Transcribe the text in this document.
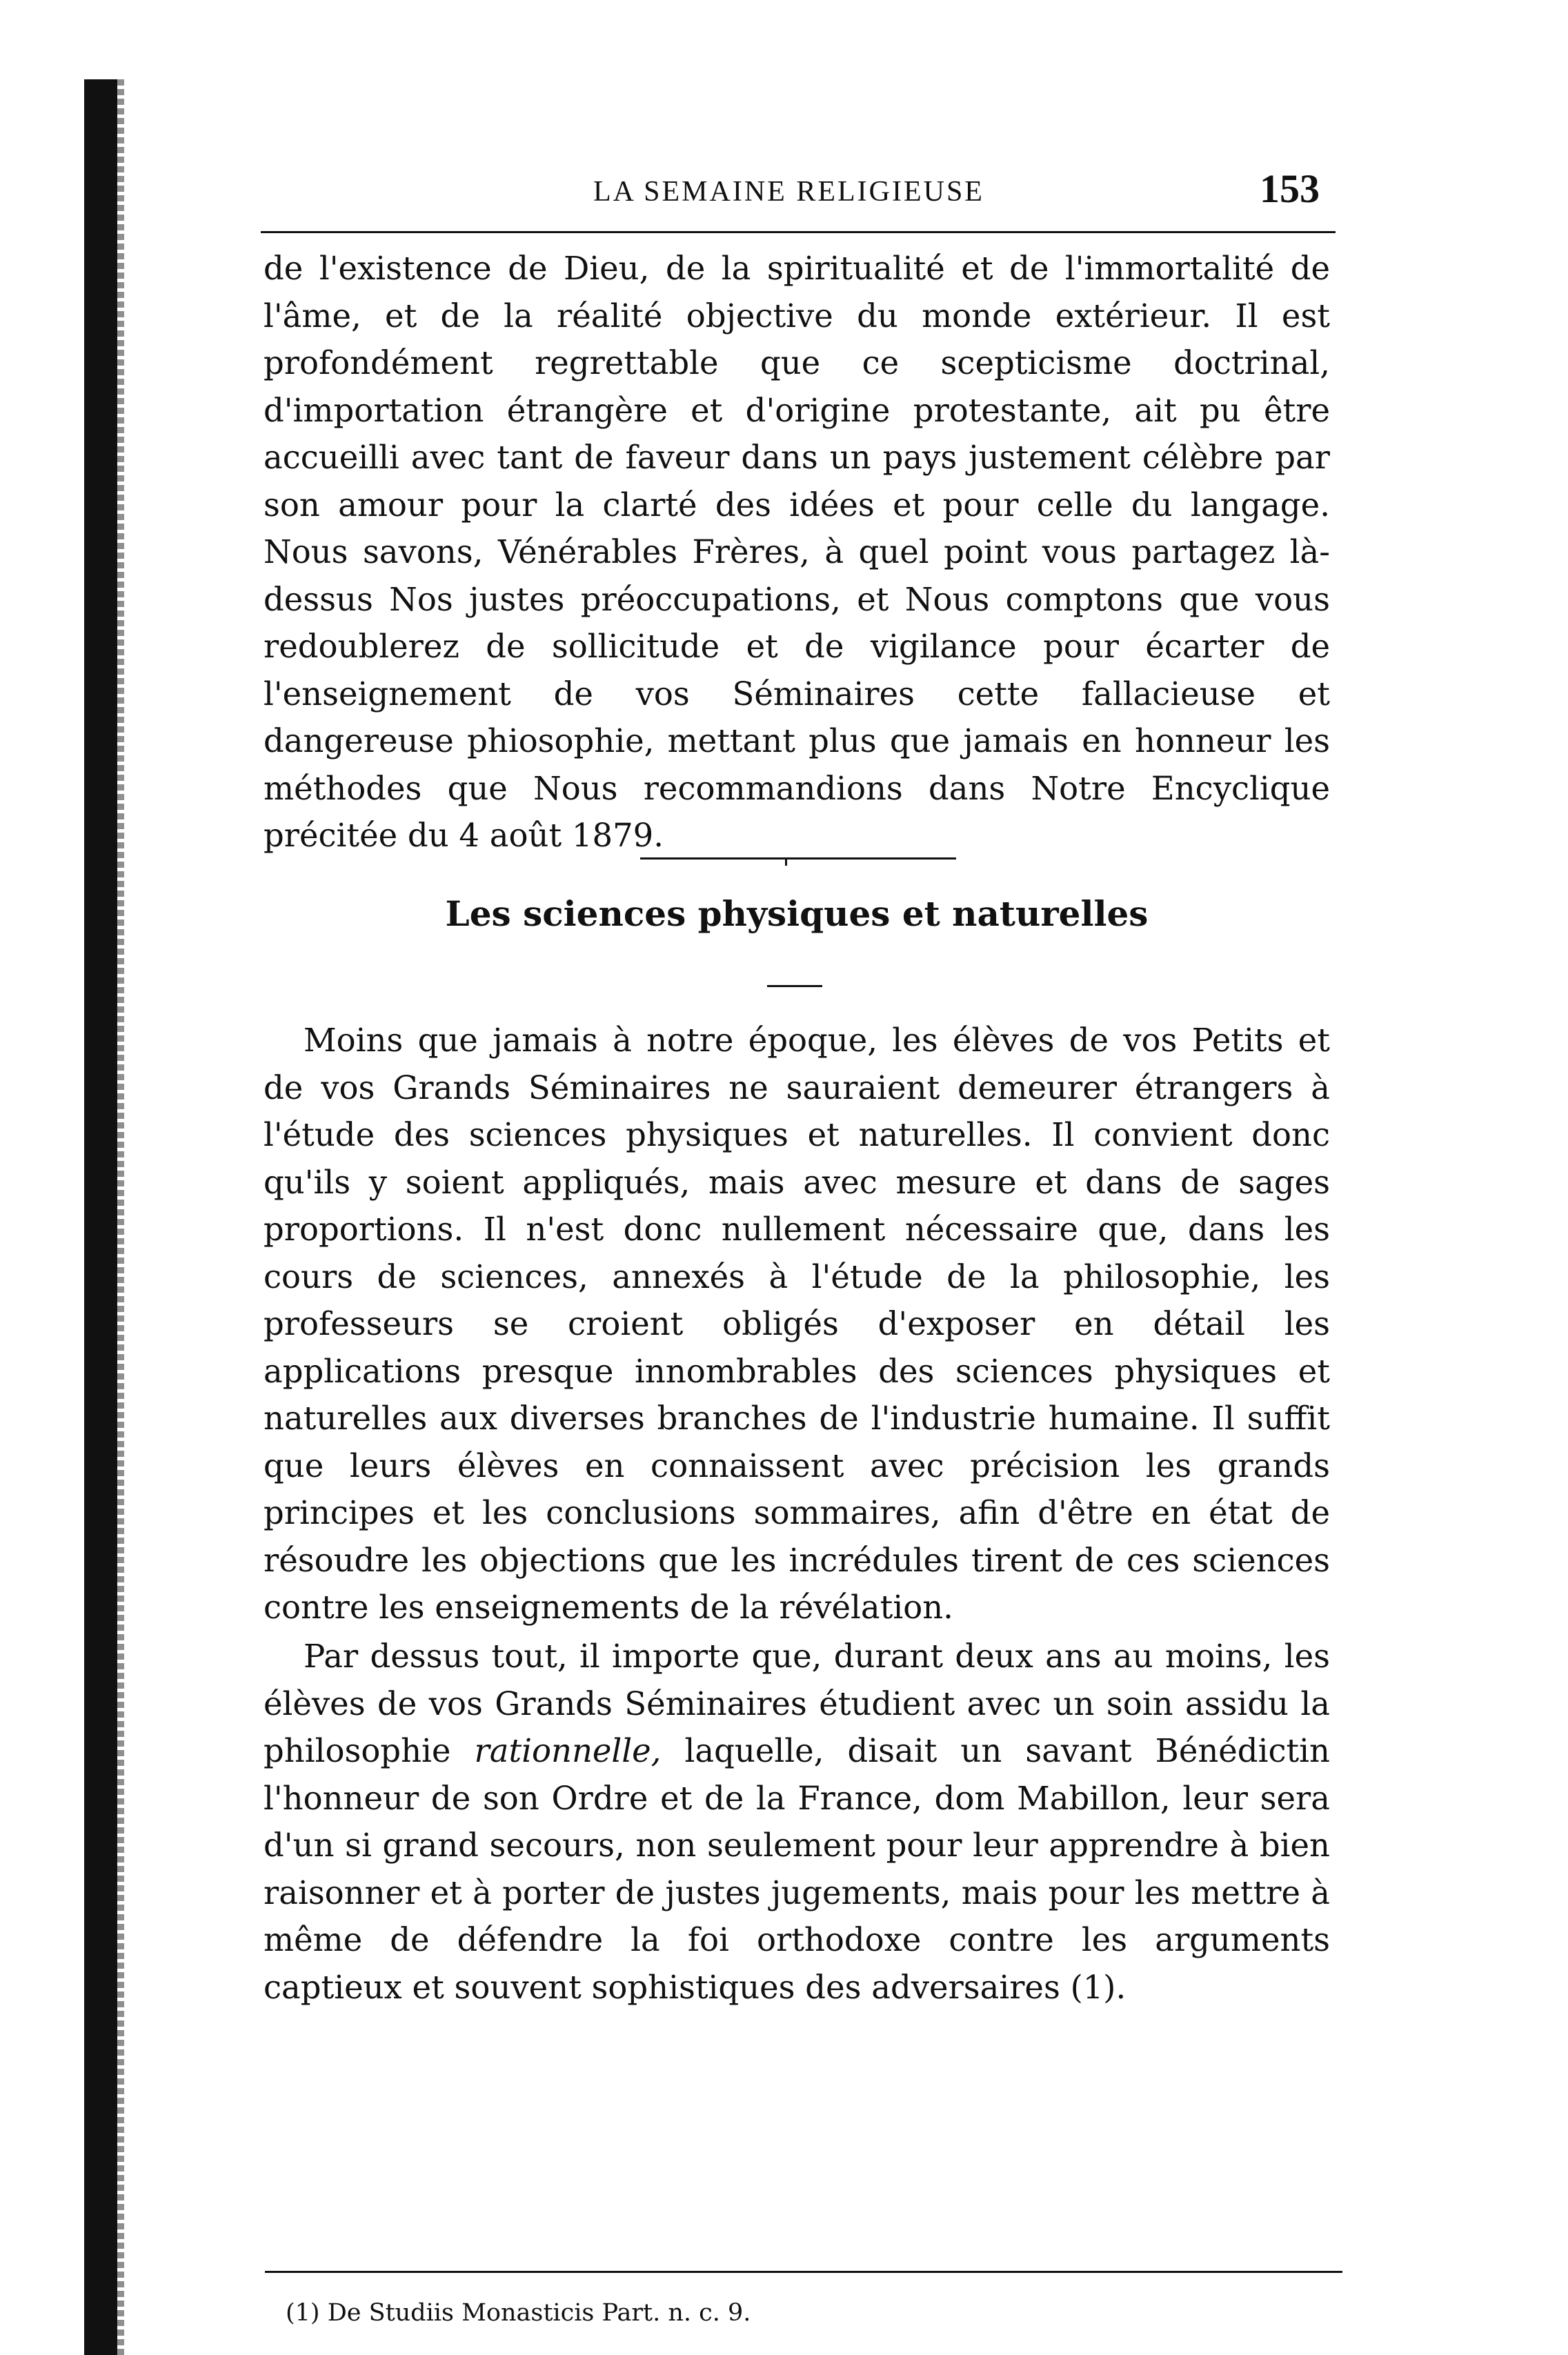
LA SEMAINE RELIGIEUSE	153

de l'existence de Dieu, de la spiritualité et de l'immortalité de l'âme, et de la réalité objective du monde extérieur. Il est profondément regrettable que ce scepticisme doctrinal, d'importation étrangère et d'origine protestante, ait pu être accueilli avec tant de faveur dans un pays justement célèbre par son amour pour la clarté des idées et pour celle du langage. Nous savons, Vénérables Frères, à quel point vous partagez là-dessus Nos justes préoccupations, et Nous comptons que vous redoublerez de sollicitude et de vigilance pour écarter de l'enseignement de vos Séminaires cette fallacieuse et dangereuse phiosophie, mettant plus que jamais en honneur les méthodes que Nous recommandions dans Notre Encyclique précitée du 4 août 1879.

Les sciences physiques et naturelles

Moins que jamais à notre époque, les élèves de vos Petits et de vos Grands Séminaires ne sauraient demeurer étrangers à l'étude des sciences physiques et naturelles. Il convient donc qu'ils y soient appliqués, mais avec mesure et dans de sages proportions. Il n'est donc nullement nécessaire que, dans les cours de sciences, annexés à l'étude de la philosophie, les professeurs se croient obligés d'exposer en détail les applications presque innombrables des sciences physiques et naturelles aux diverses branches de l'industrie humaine. Il suffit que leurs élèves en connaissent avec précision les grands principes et les conclusions sommaires, afin d'être en état de résoudre les objections que les incrédules tirent de ces sciences contre les enseignements de la révélation.

Par dessus tout, il importe que, durant deux ans au moins, les élèves de vos Grands Séminaires étudient avec un soin assidu la philosophie rationnelle, laquelle, disait un savant Bénédictin l'honneur de son Ordre et de la France, dom Mabillon, leur sera d'un si grand secours, non seulement pour leur apprendre à bien raisonner et à porter de justes jugements, mais pour les mettre à même de défendre la foi orthodoxe contre les arguments captieux et souvent sophistiques des adversaires (1).

(1) De Studiis Monasticis Part. n. c. 9.
